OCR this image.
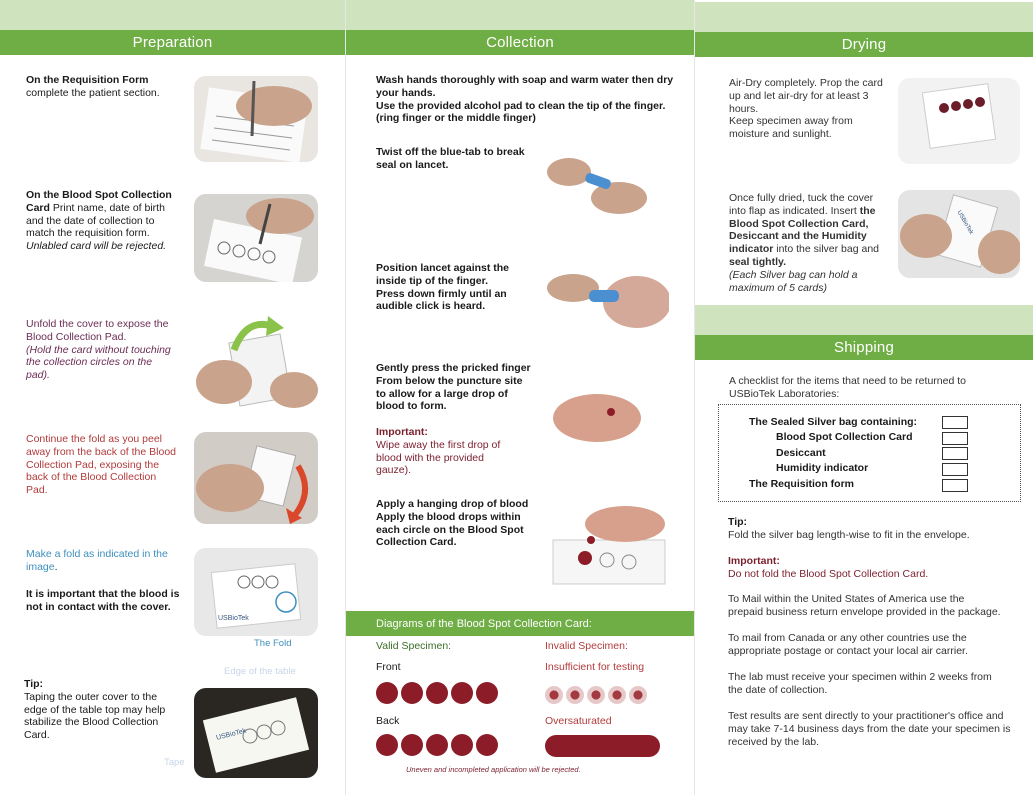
Preparation
On the Requisition Form
complete the patient section.
On the Blood Spot Collection
Card Print name, date of birth
and the date of collection to
match the requisition form.
Unlabled card will be rejected.
Unfold the cover to expose the
Blood Collection Pad.
(Hold the card without touching
the collection circles on the
pad).
Continue the fold as you peel
away from the back of the Blood
Collection Pad, exposing the
back of the Blood Collection
Pad.
Make a fold as indicated in the
image.
It is important that the blood is
not in contact with the cover.
USBioTek
The Fold
Edge of the table
Tip:
Taping the outer cover to the
edge of the table top may help
stabilize the Blood Collection
Card.	USBioTek
Tape
Collection
Wash hands thoroughly with soap and warm water then dry
your hands.
Use the provided alcohol pad to clean the tip of the finger.
(ring finger or the middle finger)
Twist off the blue-tab to break
seal on lancet.
Position lancet against the
inside tip of the finger.
Press down firmly until an
audible click is heard.
Gently press the pricked finger
From below the puncture site
to allow for a large drop of
blood to form.
Important:
Wipe away the first drop of
blood with the provided
gauze).
Apply a hanging drop of blood
Apply the blood drops within
each circle on the Blood Spot
Collection Card.
Diagrams of the Blood Spot Collection Card:
Valid Specimen:	Invalid Specimen:
Front	Insufficient for testing
Back	Oversaturated
Uneven and incompleted application will be rejected.
Drying
Air-Dry completely. Prop the card
up and let air-dry for at least 3
hours.
Keep specimen away from
moisture and sunlight.
Once fully dried, tuck the cover
into flap as indicated. Insert the
Blood Spot Collection Card,
Desiccant and the Humidity
indicator into the silver bag and
seal tightly.
(Each Silver bag can hold a
maximum of 5 cards)
USBioTek
Shipping
A checklist for the items that need to be returned to
USBioTek Laboratories:
The Sealed Silver bag containing:
Blood Spot Collection Card
Desiccant
Humidity indicator
The Requisition form
Tip:
Fold the silver bag length-wise to fit in the envelope.
Important:
Do not fold the Blood Spot Collection Card.
To Mail within the United States of America use the
prepaid business return envelope provided in the package.
To mail from Canada or any other countries use the
appropriate postage or contact your local air carrier.
The lab must receive your specimen within 2 weeks from
the date of collection.
Test results are sent directly to your practitioner's office and
may take 7-14 business days from the date your specimen is
received by the lab.
